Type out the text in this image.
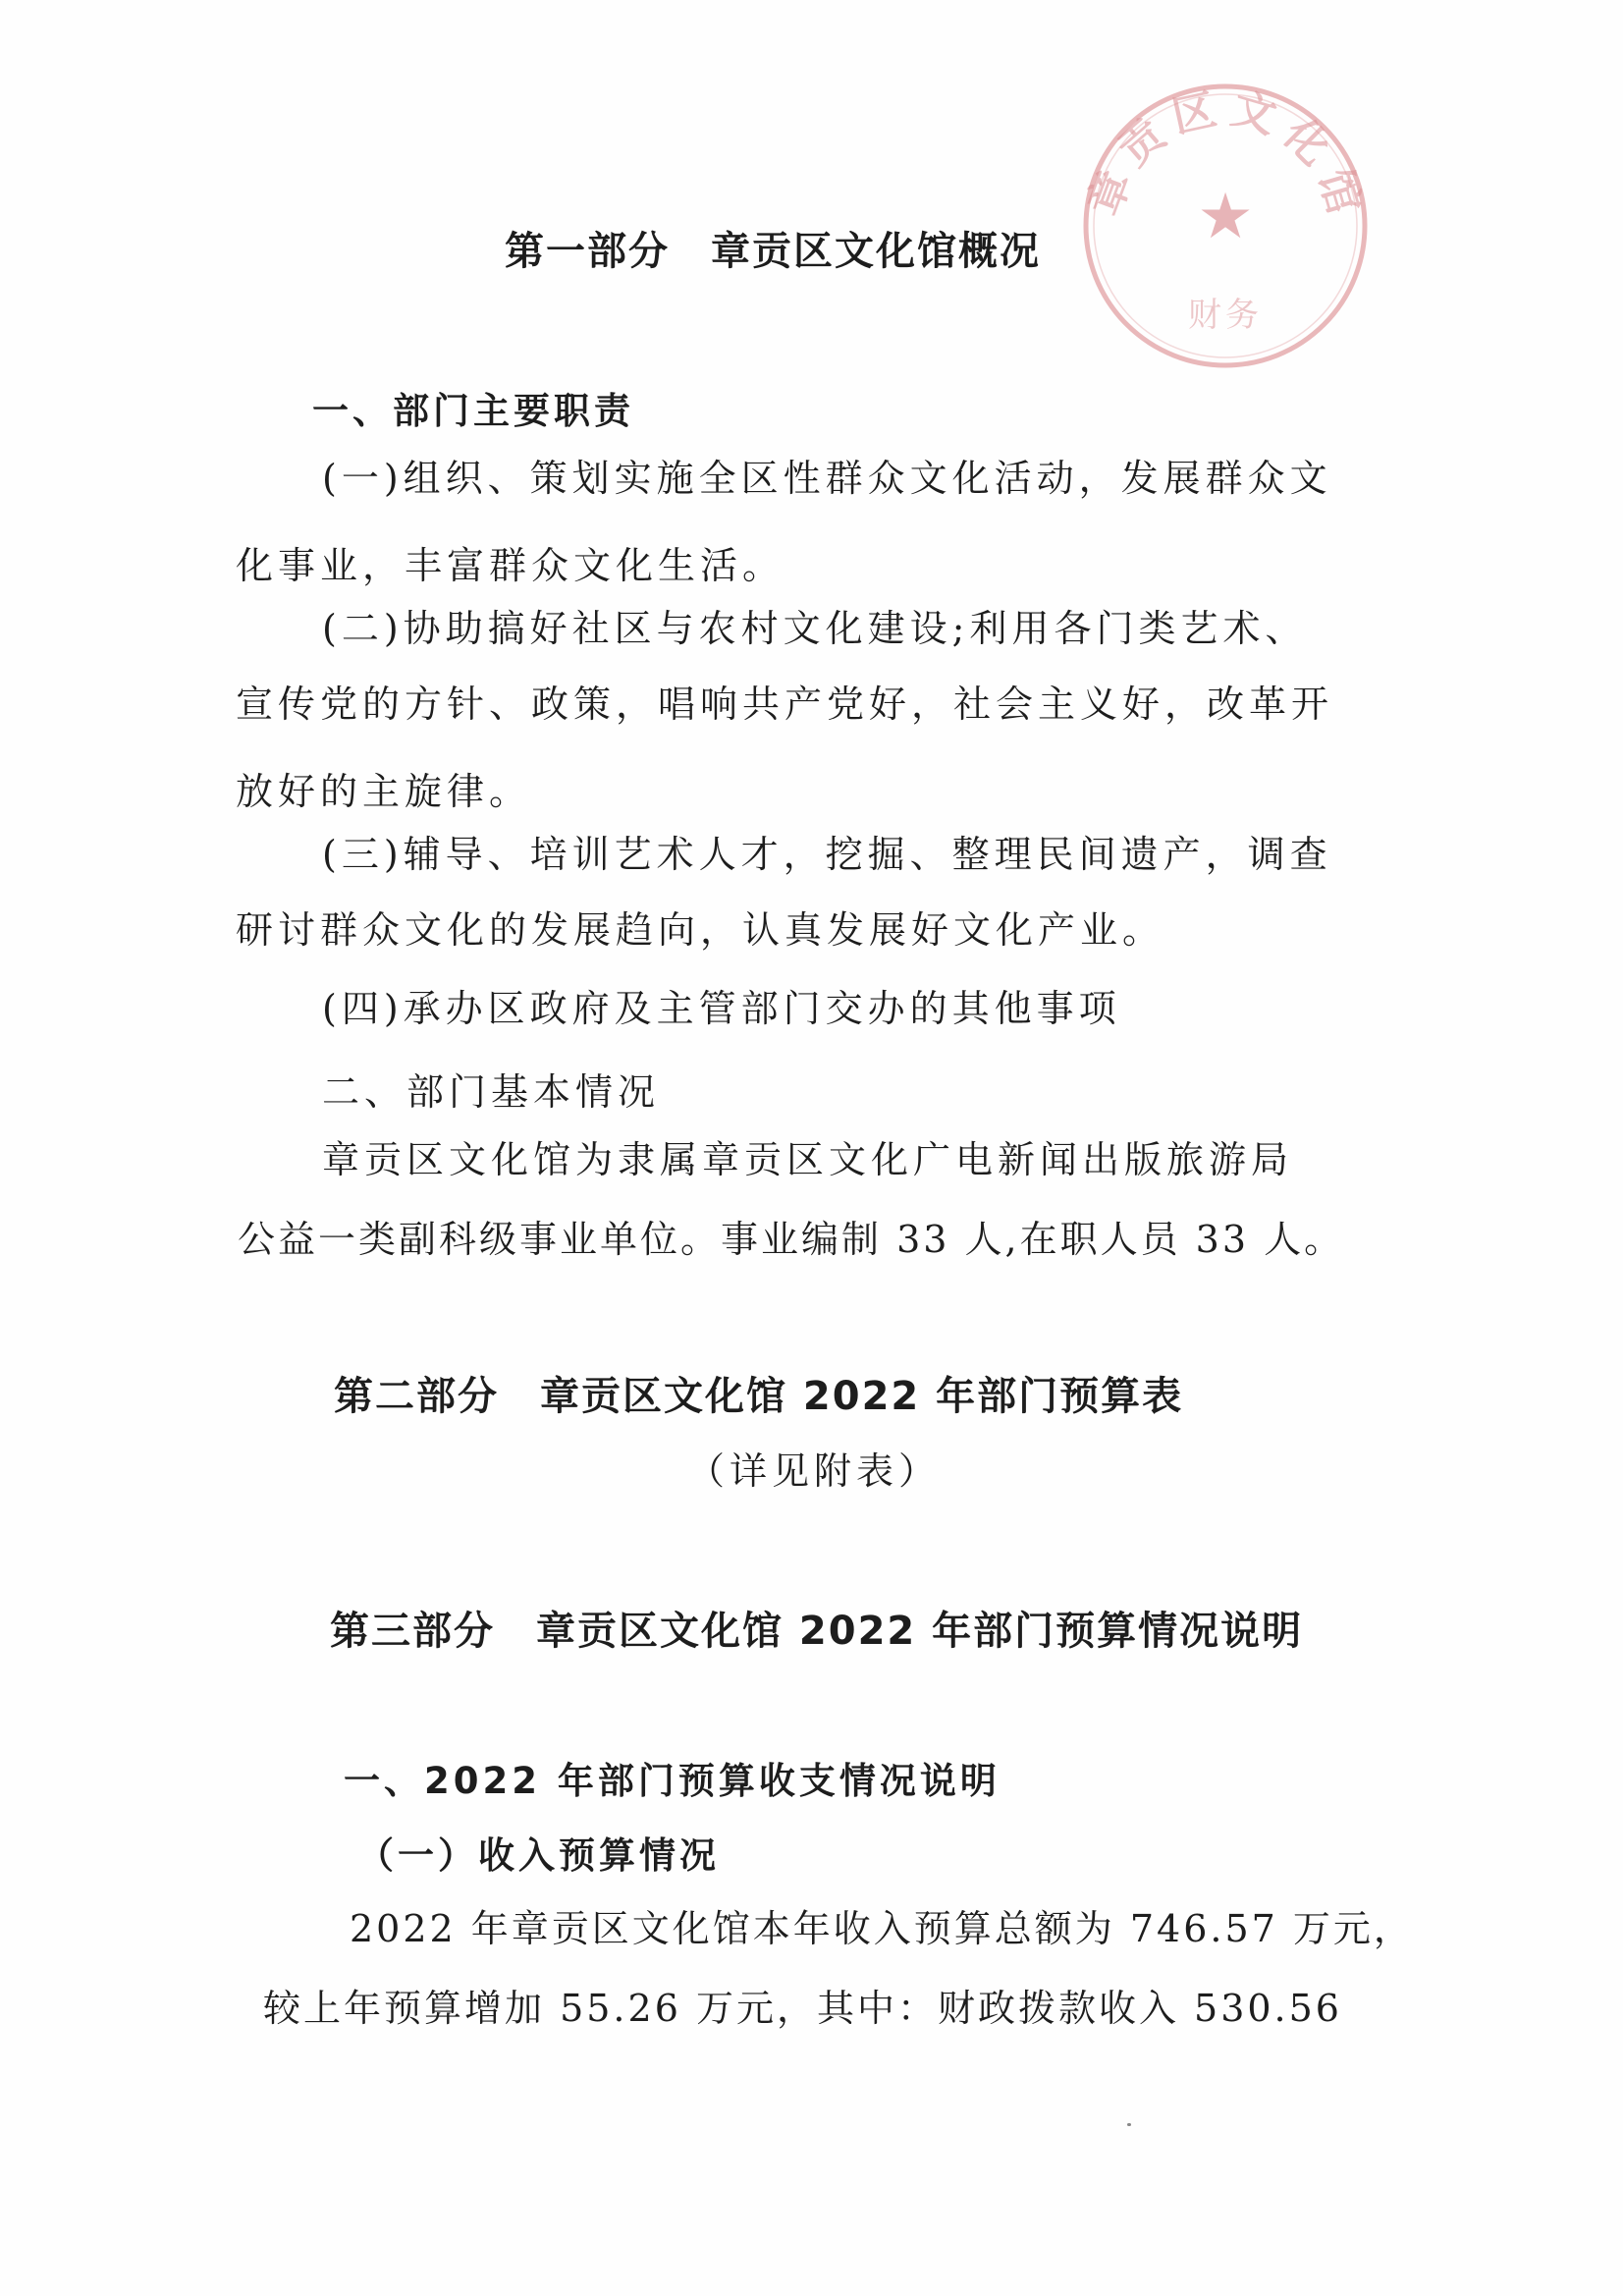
章贡区文化馆
★
财务
第一部分 章贡区文化馆概况
一、部门主要职责
(一)组织、策划实施全区性群众文化活动，发展群众文
化事业，丰富群众文化生活。
(二)协助搞好社区与农村文化建设;利用各门类艺术、
宣传党的方针、政策，唱响共产党好，社会主义好，改革开
放好的主旋律。
(三)辅导、培训艺术人才，挖掘、整理民间遗产，调查
研讨群众文化的发展趋向，认真发展好文化产业。
(四)承办区政府及主管部门交办的其他事项
二、部门基本情况
章贡区文化馆为隶属章贡区文化广电新闻出版旅游局
公益一类副科级事业单位。事业编制 33 人,在职人员 33 人。
第二部分 章贡区文化馆 2022 年部门预算表
（详见附表）
第三部分 章贡区文化馆 2022 年部门预算情况说明
一、2022 年部门预算收支情况说明
（一）收入预算情况
2022 年章贡区文化馆本年收入预算总额为 746.57 万元，
较上年预算增加 55.26 万元，其中：财政拨款收入 530.56
